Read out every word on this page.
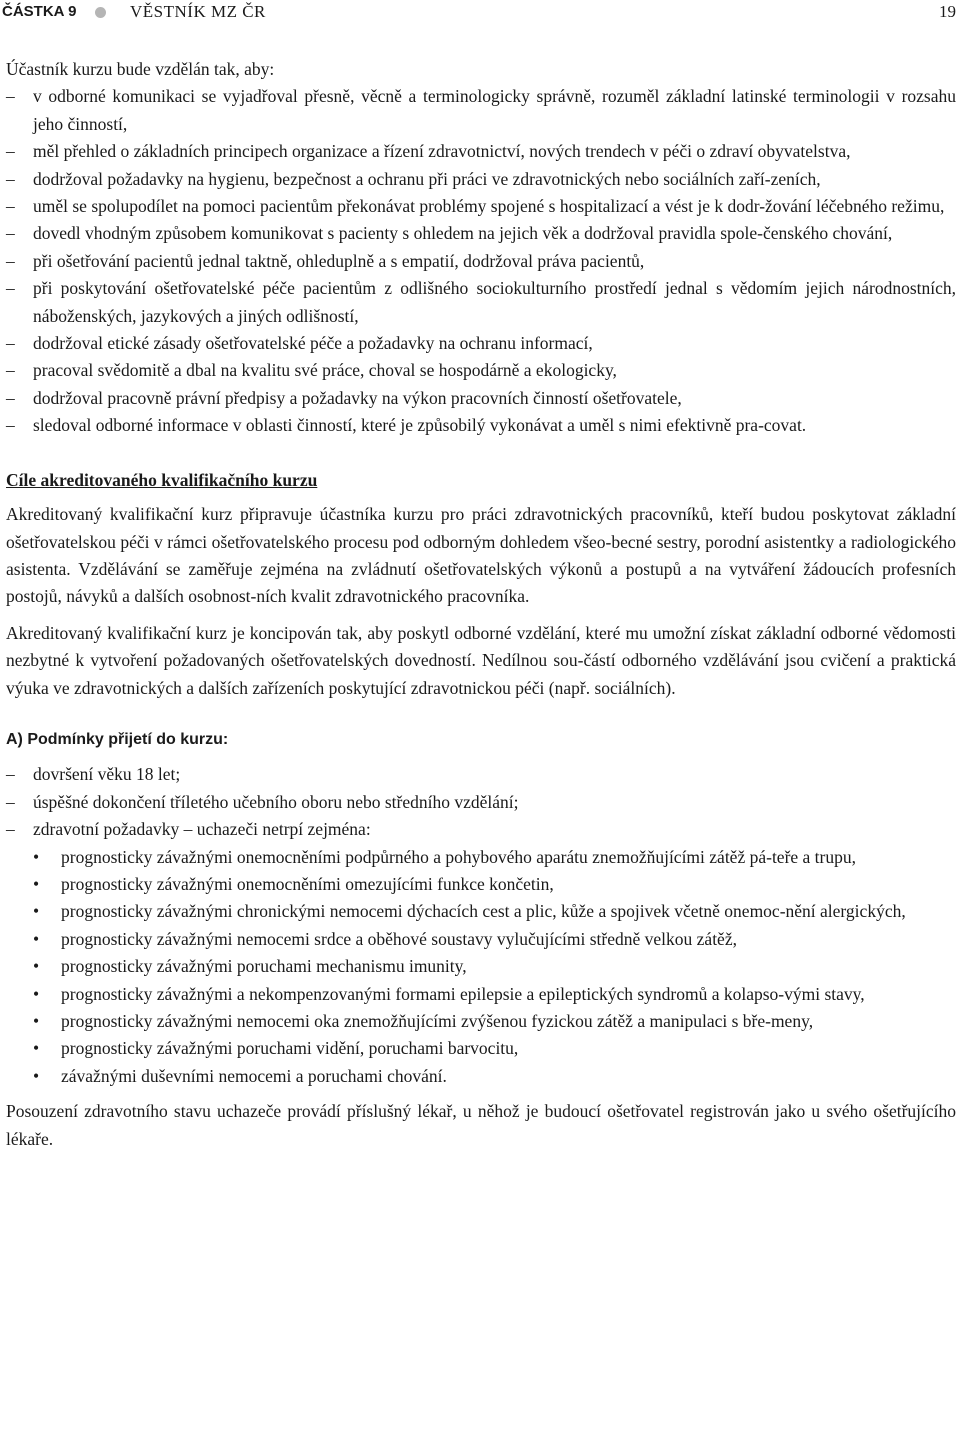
ČÁSTKA 9	VĚSTNÍK MZ ČR	19

Účastník kurzu bude vzdělán tak, aby:

– v odborné komunikaci se vyjadřoval přesně, věcně a terminologicky správně, rozuměl základní latinské terminologii v rozsahu jeho činností,
– měl přehled o základních principech organizace a řízení zdravotnictví, nových trendech v péči o zdraví obyvatelstva,
– dodržoval požadavky na hygienu, bezpečnost a ochranu při práci ve zdravotnických nebo sociálních zaří-zeních,
– uměl se spolupodílet na pomoci pacientům překonávat problémy spojené s hospitalizací a vést je k dodr-žování léčebného režimu,
– dovedl vhodným způsobem komunikovat s pacienty s ohledem na jejich věk a dodržoval pravidla spole-čenského chování,
– při ošetřování pacientů jednal taktně, ohleduplně a s empatií, dodržoval práva pacientů,
– při poskytování ošetřovatelské péče pacientům z odlišného sociokulturního prostředí jednal s vědomím jejich národnostních, náboženských, jazykových a jiných odlišností,
– dodržoval etické zásady ošetřovatelské péče a požadavky na ochranu informací,
– pracoval svědomitě a dbal na kvalitu své práce, choval se hospodárně a ekologicky,
– dodržoval pracovně právní předpisy a požadavky na výkon pracovních činností ošetřovatele,
– sledoval odborné informace v oblasti činností, které je způsobilý vykonávat a uměl s nimi efektivně pra-covat.

Cíle akreditovaného kvalifikačního kurzu

Akreditovaný kvalifikační kurz připravuje účastníka kurzu pro práci zdravotnických pracovníků, kteří budou poskytovat základní ošetřovatelskou péči v rámci ošetřovatelského procesu pod odborným dohledem všeo-becné sestry, porodní asistentky a radiologického asistenta. Vzdělávání se zaměřuje zejména na zvládnutí ošetřovatelských výkonů a postupů a na vytváření žádoucích profesních postojů, návyků a dalších osobnost-ních kvalit zdravotnického pracovníka.

Akreditovaný kvalifikační kurz je koncipován tak, aby poskytl odborné vzdělání, které mu umožní získat základní odborné vědomosti nezbytné k vytvoření požadovaných ošetřovatelských dovedností. Nedílnou sou-částí odborného vzdělávání jsou cvičení a praktická výuka ve zdravotnických a dalších zařízeních poskytující zdravotnickou péči (např. sociálních).

A) Podmínky přijetí do kurzu:

– dovršení věku 18 let;
– úspěšné dokončení tříletého učebního oboru nebo středního vzdělání;
– zdravotní požadavky – uchazeči netrpí zejména:
• prognosticky závažnými onemocněními podpůrného a pohybového aparátu znemožňujícími zátěž pá-teře a trupu,
• prognosticky závažnými onemocněními omezujícími funkce končetin,
• prognosticky závažnými chronickými nemocemi dýchacích cest a plic, kůže a spojivek včetně onemoc-nění alergických,
• prognosticky závažnými nemocemi srdce a oběhové soustavy vylučujícími středně velkou zátěž,
• prognosticky závažnými poruchami mechanismu imunity,
• prognosticky závažnými a nekompenzovanými formami epilepsie a epileptických syndromů a kolapso-vými stavy,
• prognosticky závažnými nemocemi oka znemožňujícími zvýšenou fyzickou zátěž a manipulaci s bře-meny,
• prognosticky závažnými poruchami vidění, poruchami barvocitu,
• závažnými duševními nemocemi a poruchami chování.

Posouzení zdravotního stavu uchazeče provádí příslušný lékař, u něhož je budoucí ošetřovatel registrován jako u svého ošetřujícího lékaře.
